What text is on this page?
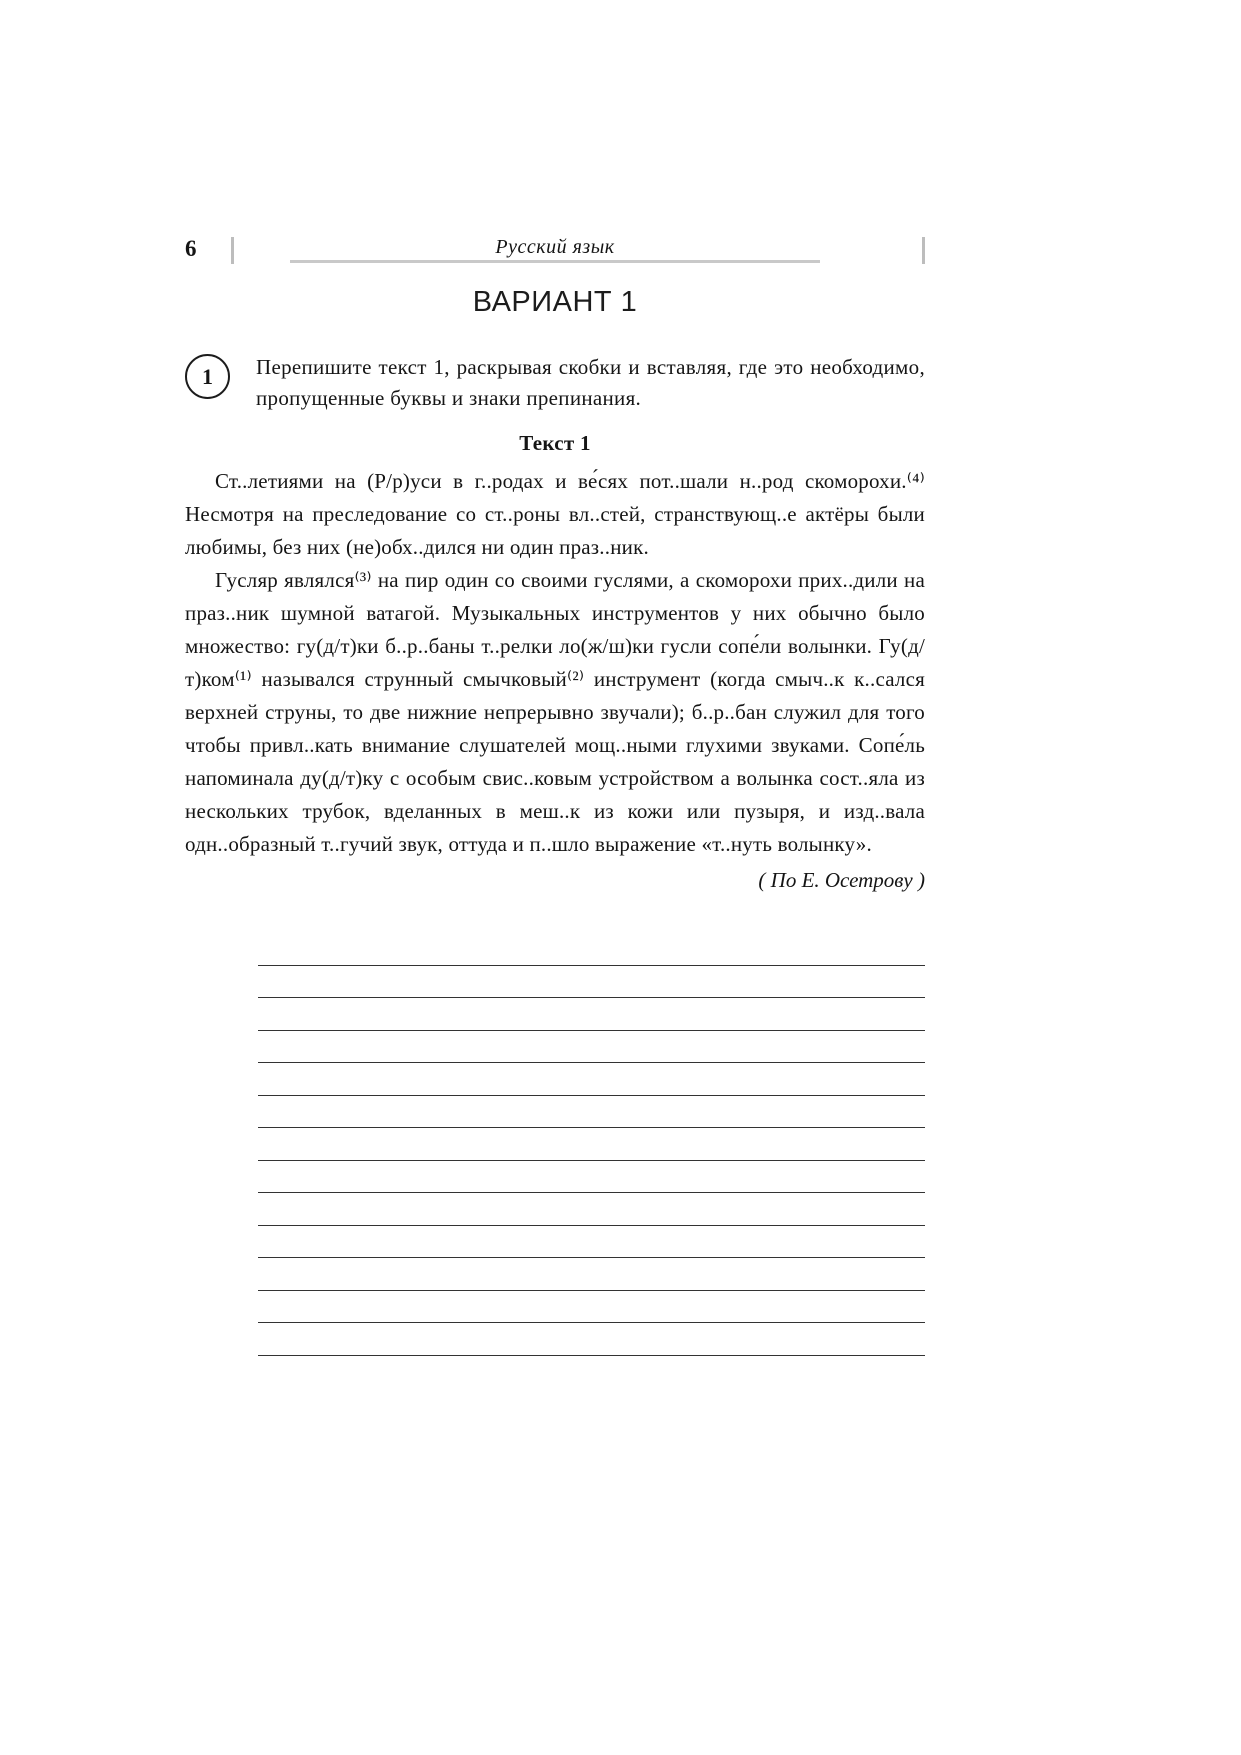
6	Русский язык
ВАРИАНТ 1
1 Перепишите текст 1, раскрывая скобки и вставляя, где это необходимо, пропущенные буквы и знаки препинания.

Текст 1

Ст..летиями на (Р/р)уси в г..родах и ве́сях пот..шали н..род скоморохи.⁽⁴⁾ Несмотря на преследование со ст..роны вл..стей, странствующ..е актёры были любимы, без них (не)обх..дился ни один праз..ник.

Гусляр являлся⁽³⁾ на пир один со своими гуслями, а скоморохи прих..дили на праз..ник шумной ватагой. Музыкальных инструментов у них обычно было множество: гу(д/т)ки б..р..баны т..релки ло(ж/ш)ки гусли сопе́ли волынки. Гу(д/т)ком⁽¹⁾ назывался струнный смычковый⁽²⁾ инструмент (когда смыч..к к..сался верхней струны, то две нижние непрерывно звучали); б..р..бан служил для того чтобы привл..кать внимание слушателей мощ..ными глухими звуками. Сопе́ль напоминала ду(д/т)ку с особым свис..ковым устройством а волынка сост..яла из нескольких трубок, вделанных в меш..к из кожи или пузыря, и изд..вала одн..образный т..гучий звук, оттуда и п..шло выражение «т..нуть волынку».

( По Е. Осетрову )
